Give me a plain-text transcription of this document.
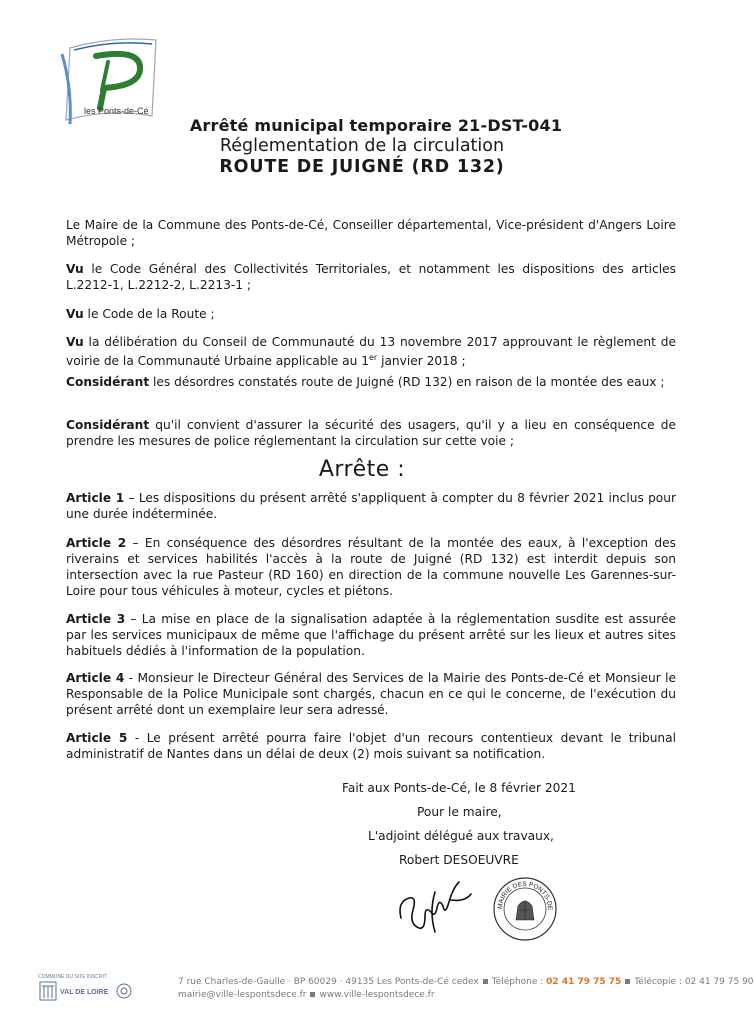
les Ponts-de-Cé
Arrêté municipal temporaire 21-DST-041
Réglementation de la circulation
ROUTE DE JUIGNÉ (RD 132)
Le Maire de la Commune des Ponts-de-Cé, Conseiller départemental, Vice-président d'Angers Loire Métropole ;
Vu le Code Général des Collectivités Territoriales, et notamment les dispositions des articles L.2212-1, L.2212-2, L.2213-1 ;
Vu le Code de la Route ;
Vu la délibération du Conseil de Communauté du 13 novembre 2017 approuvant le règlement de voirie de la Communauté Urbaine applicable au 1er janvier 2018 ;
Considérant les désordres constatés route de Juigné (RD 132) en raison de la montée des eaux ;
Considérant qu'il convient d'assurer la sécurité des usagers, qu'il y a lieu en conséquence de prendre les mesures de police réglementant la circulation sur cette voie ;
Arrête :
Article 1 – Les dispositions du présent arrêté s'appliquent à compter du 8 février 2021 inclus pour une durée indéterminée.
Article 2 – En conséquence des désordres résultant de la montée des eaux, à l'exception des riverains et services habilités l'accès à la route de Juigné (RD 132) est interdit depuis son intersection avec la rue Pasteur (RD 160) en direction de la commune nouvelle Les Garennes-sur-Loire pour tous véhicules à moteur, cycles et piétons.
Article 3 – La mise en place de la signalisation adaptée à la réglementation susdite est assurée par les services municipaux de même que l'affichage du présent arrêté sur les lieux et autres sites habituels dédiés à l'information de la population.
Article 4 - Monsieur le Directeur Général des Services de la Mairie des Ponts-de-Cé et Monsieur le Responsable de la Police Municipale sont chargés, chacun en ce qui le concerne, de l'exécution du présent arrêté dont un exemplaire leur sera adressé.
Article 5 - Le présent arrêté pourra faire l'objet d'un recours contentieux devant le tribunal administratif de Nantes dans un délai de deux (2) mois suivant sa notification.
Fait aux Ponts-de-Cé, le 8 février 2021
Pour le maire,
L'adjoint délégué aux travaux,
Robert DESOEUVRE
MAIRIE DES PONTS-DE
COMMUNE DU SITE INSCRIT
VAL DE LOIRE
7 rue Charles-de-Gaulle · BP 60029 · 49135 Les Ponts-de-Cé cedex Téléphone : 02 41 79 75 75 Télécopie : 02 41 79 75 90
mairie@ville-lespontsdece.fr www.ville-lespontsdece.fr
